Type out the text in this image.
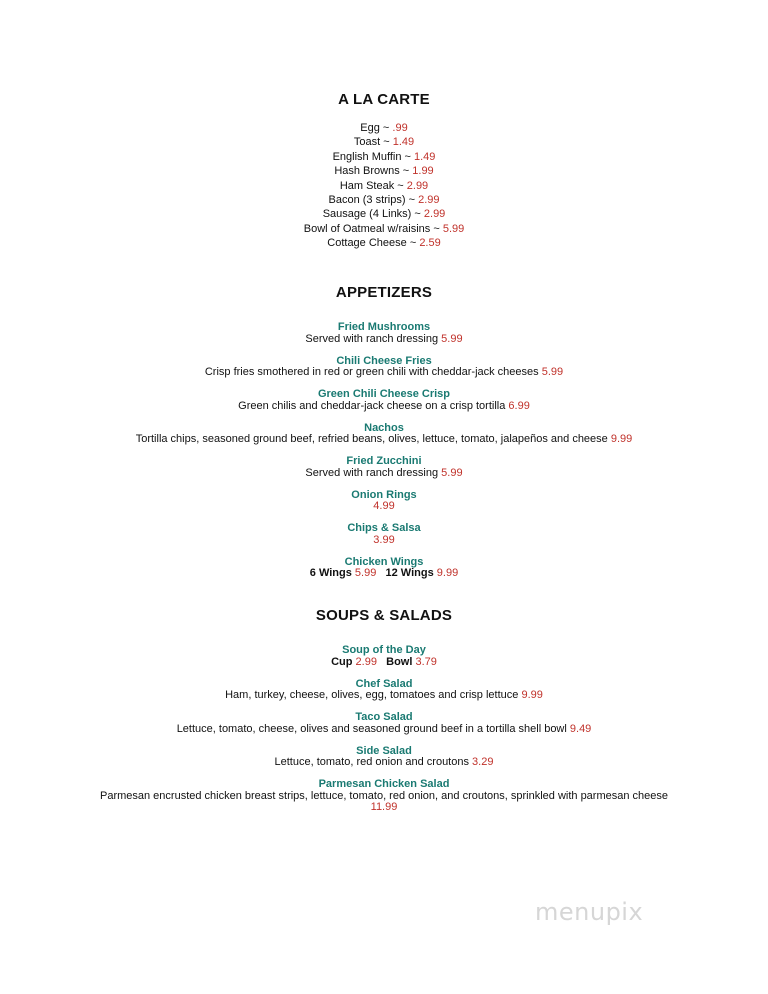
A LA CARTE
Egg ~ .99
Toast ~ 1.49
English Muffin ~ 1.49
Hash Browns ~ 1.99
Ham Steak ~ 2.99
Bacon (3 strips) ~ 2.99
Sausage (4 Links) ~ 2.99
Bowl of Oatmeal w/raisins ~ 5.99
Cottage Cheese ~ 2.59
APPETIZERS
Fried Mushrooms
Served with ranch dressing 5.99
Chili Cheese Fries
Crisp fries smothered in red or green chili with cheddar-jack cheeses 5.99
Green Chili Cheese Crisp
Green chilis and cheddar-jack cheese on a crisp tortilla 6.99
Nachos
Tortilla chips, seasoned ground beef, refried beans, olives, lettuce, tomato, jalapeños and cheese 9.99
Fried Zucchini
Served with ranch dressing 5.99
Onion Rings
4.99
Chips & Salsa
3.99
Chicken Wings
6 Wings 5.99 12 Wings 9.99
SOUPS & SALADS
Soup of the Day
Cup 2.99 Bowl 3.79
Chef Salad
Ham, turkey, cheese, olives, egg, tomatoes and crisp lettuce 9.99
Taco Salad
Lettuce, tomato, cheese, olives and seasoned ground beef in a tortilla shell bowl 9.49
Side Salad
Lettuce, tomato, red onion and croutons 3.29
Parmesan Chicken Salad
Parmesan encrusted chicken breast strips, lettuce, tomato, red onion, and croutons, sprinkled with parmesan cheese
11.99
menupix
